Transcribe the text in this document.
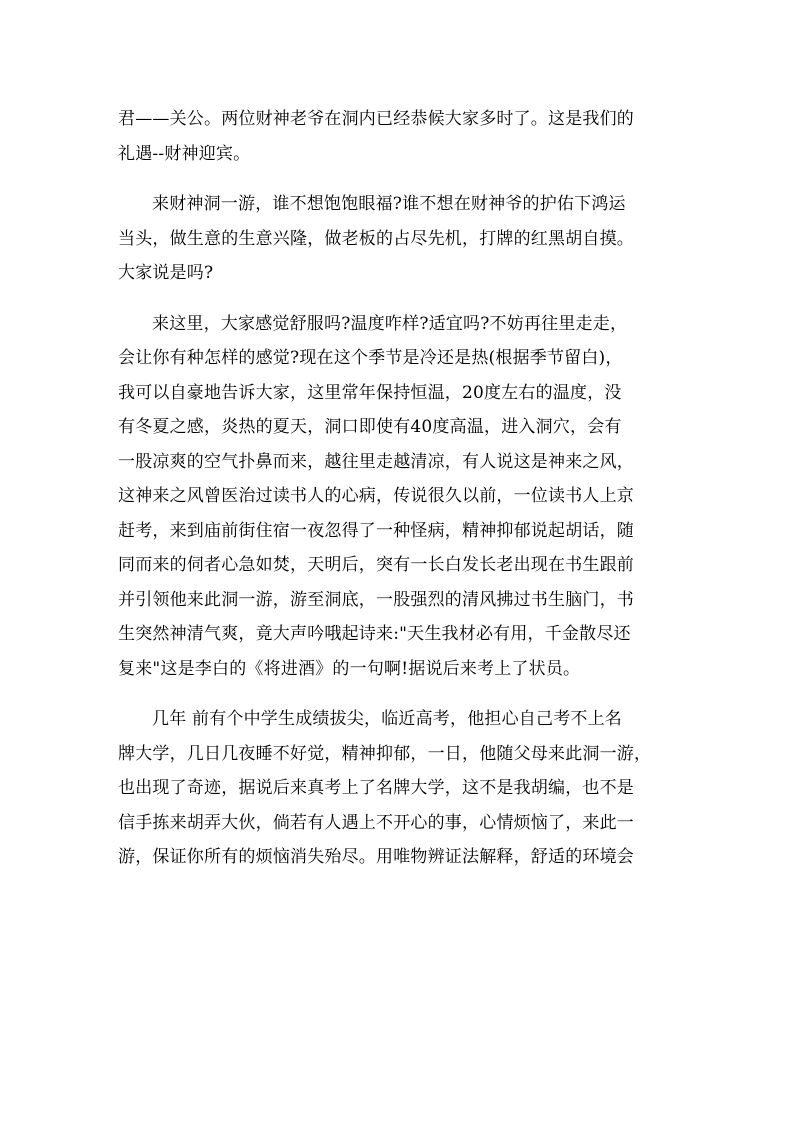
君——关公。两位财神老爷在洞内已经恭候大家多时了。这是我们的
礼遇--财神迎宾。

来财神洞一游，谁不想饱饱眼福?谁不想在财神爷的护佑下鸿运
当头，做生意的生意兴隆，做老板的占尽先机，打牌的红黑胡自摸。
大家说是吗?

来这里，大家感觉舒服吗?温度咋样?适宜吗?不妨再往里走走，
会让你有种怎样的感觉?现在这个季节是冷还是热(根据季节留白)，
我可以自豪地告诉大家，这里常年保持恒温，20度左右的温度，没
有冬夏之感，炎热的夏天，洞口即使有40度高温，进入洞穴，会有
一股凉爽的空气扑鼻而来，越往里走越清凉，有人说这是神来之风，
这神来之风曾医治过读书人的心病，传说很久以前，一位读书人上京
赶考，来到庙前街住宿一夜忽得了一种怪病，精神抑郁说起胡话，随
同而来的伺者心急如焚，天明后，突有一长白发长老出现在书生跟前
并引领他来此洞一游，游至洞底，一股强烈的清风拂过书生脑门，书
生突然神清气爽，竟大声吟哦起诗来:"天生我材必有用，千金散尽还
复来"这是李白的《将进酒》的一句啊!据说后来考上了状员。

几年 前有个中学生成绩拔尖，临近高考，他担心自己考不上名
牌大学，几日几夜睡不好觉，精神抑郁，一日，他随父母来此洞一游，
也出现了奇迹，据说后来真考上了名牌大学，这不是我胡编，也不是
信手拣来胡弄大伙，倘若有人遇上不开心的事，心情烦恼了，来此一
游，保证你所有的烦恼消失殆尽。用唯物辨证法解释，舒适的环境会
